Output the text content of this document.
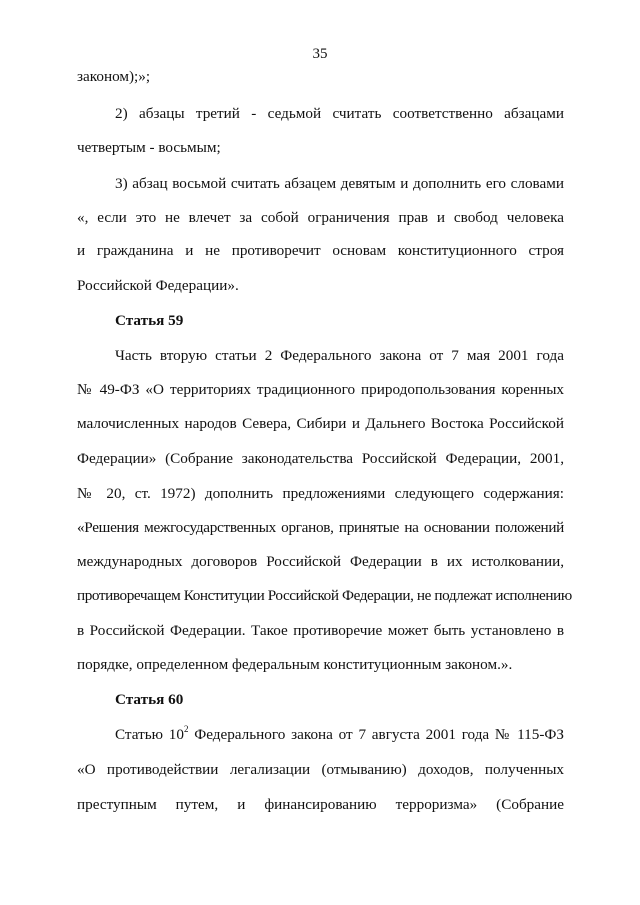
35
законом);»;
2) абзацы третий - седьмой считать соответственно абзацами
четвертым - восьмым;
3) абзац восьмой считать абзацем девятым и дополнить его словами
«, если это не влечет за собой ограничения прав и свобод человека
и гражданина и не противоречит основам конституционного строя
Российской Федерации».
Статья 59
Часть вторую статьи 2 Федерального закона от 7 мая 2001 года
№ 49-ФЗ «О территориях традиционного природопользования коренных
малочисленных народов Севера, Сибири и Дальнего Востока Российской
Федерации» (Собрание законодательства Российской Федерации, 2001,
№ 20, ст. 1972) дополнить предложениями следующего содержания:
«Решения межгосударственных органов, принятые на основании положений
международных договоров Российской Федерации в их истолковании,
противоречащем Конституции Российской Федерации, не подлежат исполнению
в Российской Федерации. Такое противоречие может быть установлено в
порядке, определенном федеральным конституционным законом.».
Статья 60
Статью $10^2$ Федерального закона от 7 августа 2001 года № 115-ФЗ
«О противодействии легализации (отмыванию) доходов, полученных
преступным путем, и финансированию терроризма» (Собрание
